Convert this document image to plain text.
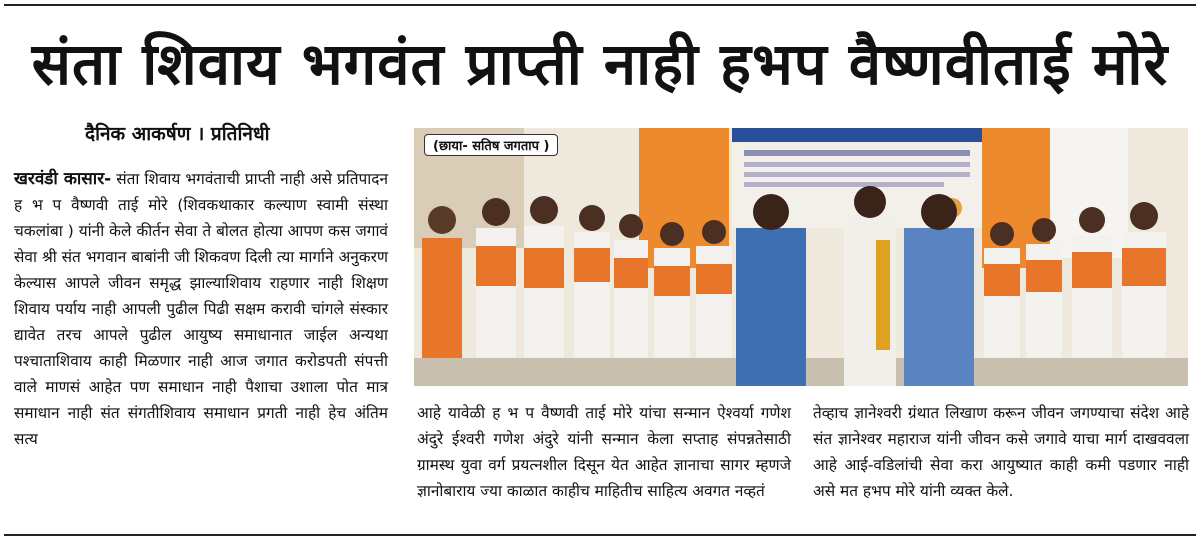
संता शिवाय भगवंत प्राप्ती नाही हभप वैष्णवीताई मोरे
दैनिक आकर्षण । प्रतिनिधी
खरवंडी कासार- संता शिवाय भगवंताची प्राप्ती नाही असे प्रतिपादन ह भ प वैष्णवी ताई मोरे (शिवकथाकार कल्याण स्वामी संस्था चकलांबा ) यांनी केले कीर्तन सेवा ते बोलत होत्या आपण कस जगावं सेवा श्री संत भगवान बाबांनी जी शिकवण दिली त्या मार्गाने अनुकरण केल्यास आपले जीवन समृद्ध झाल्याशिवाय राहणार नाही शिक्षण शिवाय पर्याय नाही आपली पुढील पिढी सक्षम करावी चांगले संस्कार द्यावेत तरच आपले पुढील आयुष्य समाधानात जाईल अन्यथा पश्चाताशिवाय काही मिळणार नाही आज जगात करोडपती संपत्ती वाले माणसं आहेत पण समाधान नाही पैशाचा उशाला पोत मात्र समाधान नाही संत संगतीशिवाय समाधान प्रगती नाही हेच अंतिम सत्य
(छाया- सतिष जगताप )
आहे यावेळी ह भ प वैष्णवी ताई मोरे यांचा सन्मान ऐश्वर्या गणेश अंदुरे ईश्वरी गणेश अंदुरे यांनी सन्मान केला सप्ताह संपन्नतेसाठी ग्रामस्थ युवा वर्ग प्रयत्नशील दिसून येत आहेत ज्ञानाचा सागर म्हणजे ज्ञानोबाराय ज्या काळात काहीच माहितीच साहित्य अवगत नव्हतं
तेव्हाच ज्ञानेश्वरी ग्रंथात लिखाण करून जीवन जगण्याचा संदेश आहे संत ज्ञानेश्वर महाराज यांनी जीवन कसे जगावे याचा मार्ग दाखववला आहे आई-वडिलांची सेवा करा आयुष्यात काही कमी पडणार नाही असे मत हभप मोरे यांनी व्यक्त केले.
